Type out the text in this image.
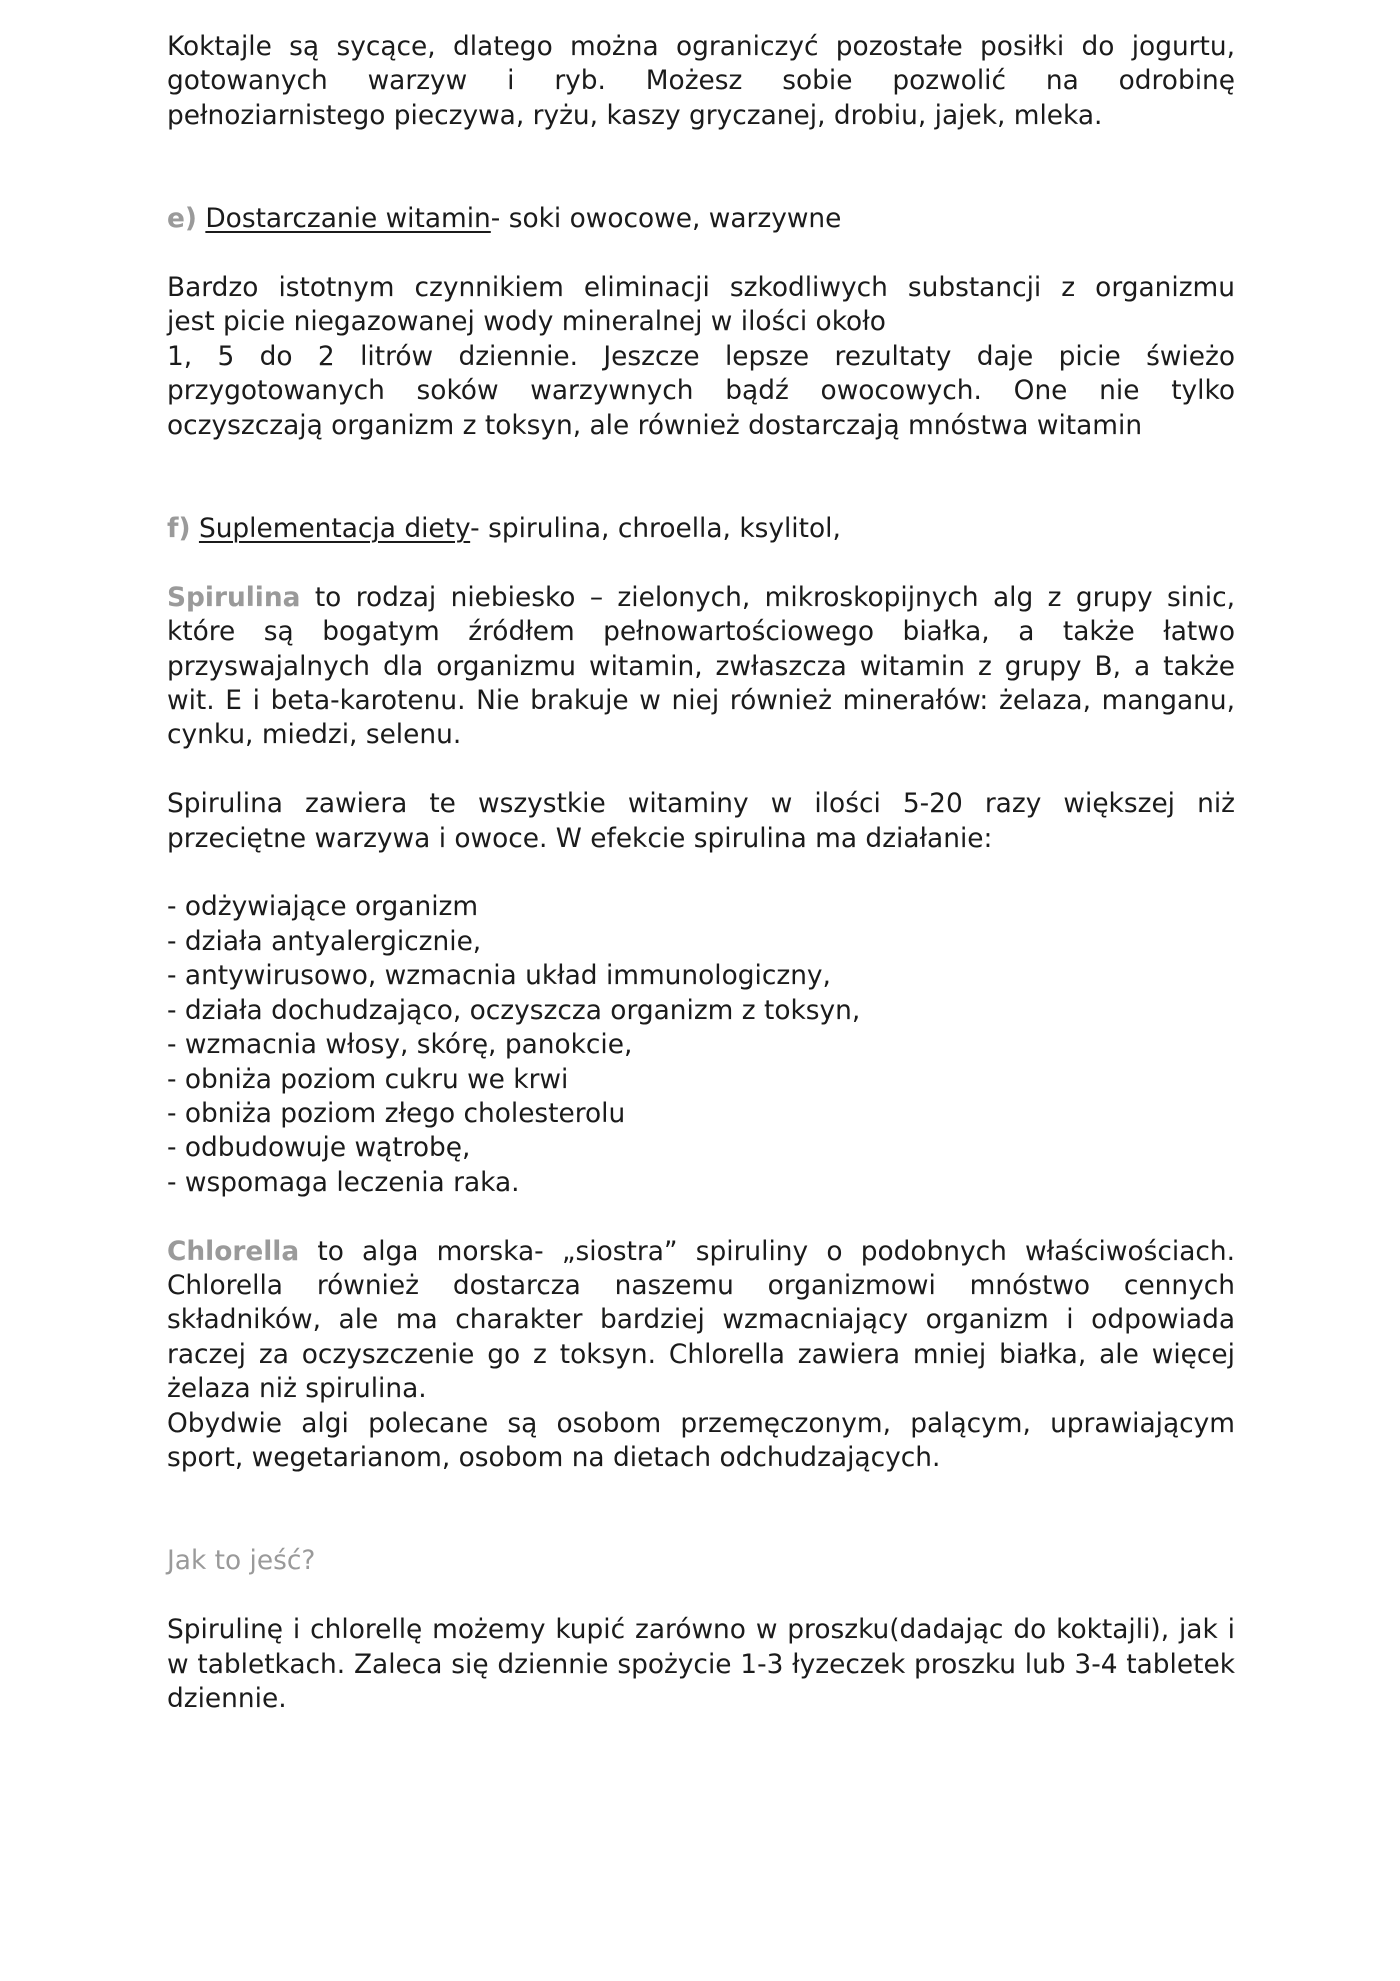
Koktajle są sycące, dlatego można ograniczyć pozostałe posiłki do jogurtu,

gotowanych warzyw i ryb. Możesz sobie pozwolić na odrobinę

pełnoziarnistego pieczywa, ryżu, kaszy gryczanej, drobiu, jajek, mleka.

e) Dostarczanie witamin- soki owocowe, warzywne

Bardzo istotnym czynnikiem eliminacji szkodliwych substancji z organizmu

jest picie niegazowanej wody mineralnej w ilości około

1, 5 do 2 litrów dziennie. Jeszcze lepsze rezultaty daje picie świeżo

przygotowanych soków warzywnych bądź owocowych. One nie tylko

oczyszczają organizm z toksyn, ale również dostarczają mnóstwa witamin

f) Suplementacja diety- spirulina, chroella, ksylitol,

Spirulina to rodzaj niebiesko – zielonych, mikroskopijnych alg z grupy sinic, które są bogatym źródłem pełnowartościowego białka, a także łatwo przyswajalnych dla organizmu witamin, zwłaszcza witamin z grupy B, a także wit. E i beta-karotenu. Nie brakuje w niej również minerałów: żelaza, manganu, cynku, miedzi, selenu.

Spirulina zawiera te wszystkie witaminy w ilości 5-20 razy większej niż przeciętne warzywa i owoce. W efekcie spirulina ma działanie:

- odżywiające organizm
- działa antyalergicznie,
- antywirusowo, wzmacnia układ immunologiczny,
- działa dochudzająco, oczyszcza organizm z toksyn,
- wzmacnia włosy, skórę, panokcie,
- obniża poziom cukru we krwi
- obniża poziom złego cholesterolu
- odbudowuje wątrobę,
- wspomaga leczenia raka.

Chlorella to alga morska- „siostra” spiruliny o podobnych właściwościach. Chlorella również dostarcza naszemu organizmowi mnóstwo cennych składników, ale ma charakter bardziej wzmacniający organizm i odpowiada raczej za oczyszczenie go z toksyn. Chlorella zawiera mniej białka, ale więcej żelaza niż spirulina.

Obydwie algi polecane są osobom przemęczonym, palącym, uprawiającym sport, wegetarianom, osobom na dietach odchudzających.

Jak to jeść?

Spirulinę i chlorellę możemy kupić zarówno w proszku(dadając do koktajli), jak i w tabletkach. Zaleca się dziennie spożycie 1-3 łyzeczek proszku lub 3-4 tabletek dziennie.
